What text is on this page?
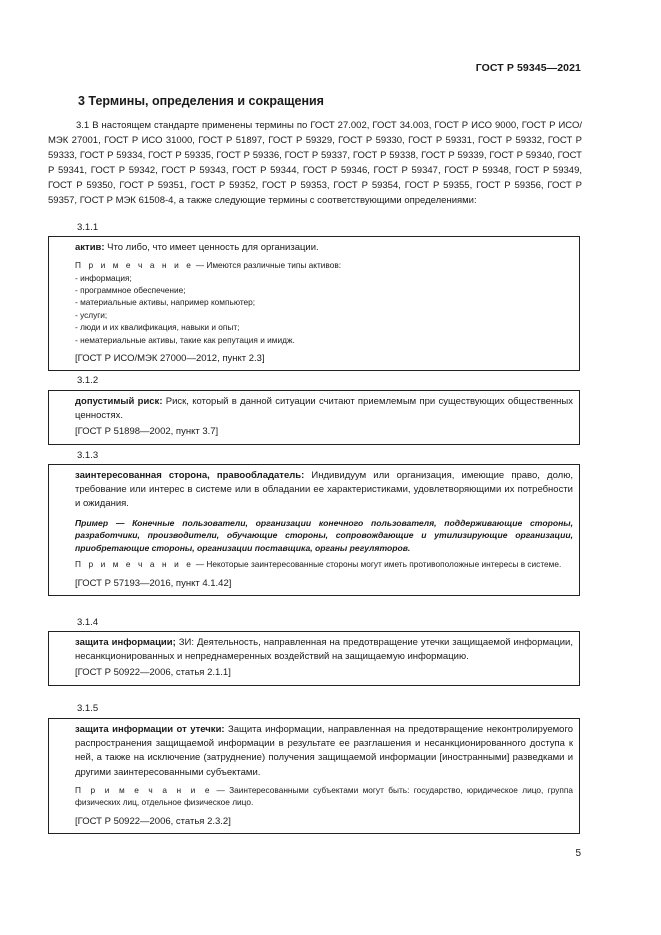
ГОСТ Р 59345—2021
3 Термины, определения и сокращения

3.1 В настоящем стандарте применены термины по ГОСТ 27.002, ГОСТ 34.003, ГОСТ Р ИСО 9000, ГОСТ Р ИСО/МЭК 27001, ГОСТ Р ИСО 31000, ГОСТ Р 51897, ГОСТ Р 59329, ГОСТ Р 59330, ГОСТ Р 59331, ГОСТ Р 59332, ГОСТ Р 59333, ГОСТ Р 59334, ГОСТ Р 59335, ГОСТ Р 59336, ГОСТ Р 59337, ГОСТ Р 59338, ГОСТ Р 59339, ГОСТ Р 59340, ГОСТ Р 59341, ГОСТ Р 59342, ГОСТ Р 59343, ГОСТ Р 59344, ГОСТ Р 59346, ГОСТ Р 59347, ГОСТ Р 59348, ГОСТ Р 59349, ГОСТ Р 59350, ГОСТ Р 59351, ГОСТ Р 59352, ГОСТ Р 59353, ГОСТ Р 59354, ГОСТ Р 59355, ГОСТ Р 59356, ГОСТ Р 59357, ГОСТ Р МЭК 61508-4, а также следующие термины с соответствующими определениями:

3.1.1

актив: Что либо, что имеет ценность для организации.

П р и м е ч а н и е — Имеются различные типы активов:

- информация;
- программное обеспечение;
- материальные активы, например компьютер;
- услуги;
- люди и их квалификация, навыки и опыт;
- нематериальные активы, такие как репутация и имидж.

[ГОСТ Р ИСО/МЭК 27000—2012, пункт 2.3]

3.1.2

допустимый риск: Риск, который в данной ситуации считают приемлемым при существующих общественных ценностях.

[ГОСТ Р 51898—2002, пункт 3.7]

3.1.3

заинтересованная сторона, правообладатель: Индивидуум или организация, имеющие право, долю, требование или интерес в системе или в обладании ее характеристиками, удовлетворяющими их потребности и ожидания.

Пример — Конечные пользователи, организации конечного пользователя, поддерживающие стороны, разработчики, производители, обучающие стороны, сопровождающие и утилизирующие организации, приобретающие стороны, организации поставщика, органы регуляторов.

П р и м е ч а н и е — Некоторые заинтересованные стороны могут иметь противоположные интересы в системе.

[ГОСТ Р 57193—2016, пункт 4.1.42]

3.1.4

защита информации; ЗИ: Деятельность, направленная на предотвращение утечки защищаемой информации, несанкционированных и непреднамеренных воздействий на защищаемую информацию.

[ГОСТ Р 50922—2006, статья 2.1.1]

3.1.5

защита информации от утечки: Защита информации, направленная на предотвращение неконтролируемого распространения защищаемой информации в результате ее разглашения и несанкционированного доступа к ней, а также на исключение (затруднение) получения защищаемой информации [иностранными] разведками и другими заинтересованными субъектами.

П р и м е ч а н и е — Заинтересованными субъектами могут быть: государство, юридическое лицо, группа физических лиц, отдельное физическое лицо.

[ГОСТ Р 50922—2006, статья 2.3.2]

5
